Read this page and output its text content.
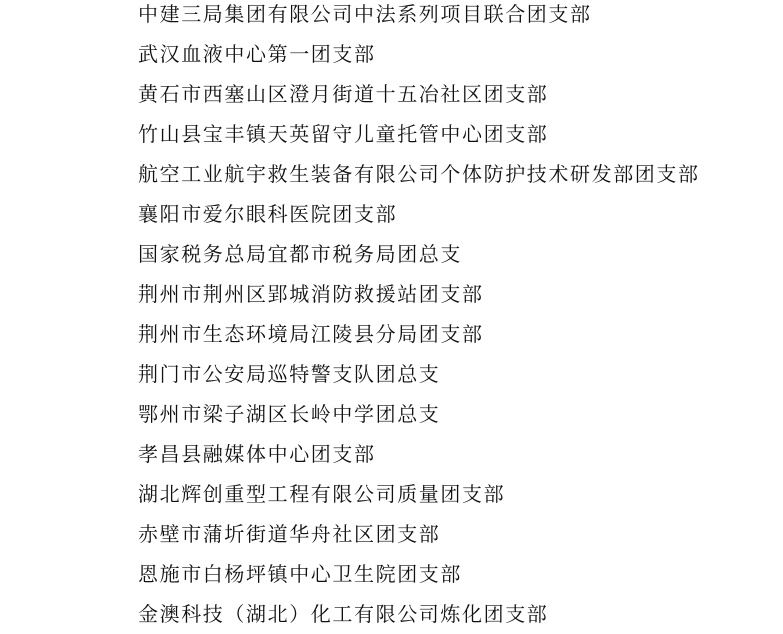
中建三局集团有限公司中法系列项目联合团支部
武汉血液中心第一团支部
黄石市西塞山区澄月街道十五冶社区团支部
竹山县宝丰镇天英留守儿童托管中心团支部
航空工业航宇救生装备有限公司个体防护技术研发部团支部
襄阳市爱尔眼科医院团支部
国家税务总局宜都市税务局团总支
荆州市荆州区郢城消防救援站团支部
荆州市生态环境局江陵县分局团支部
荆门市公安局巡特警支队团总支
鄂州市梁子湖区长岭中学团总支
孝昌县融媒体中心团支部
湖北辉创重型工程有限公司质量团支部
赤壁市蒲圻街道华舟社区团支部
恩施市白杨坪镇中心卫生院团支部
金澳科技（湖北）化工有限公司炼化团支部
